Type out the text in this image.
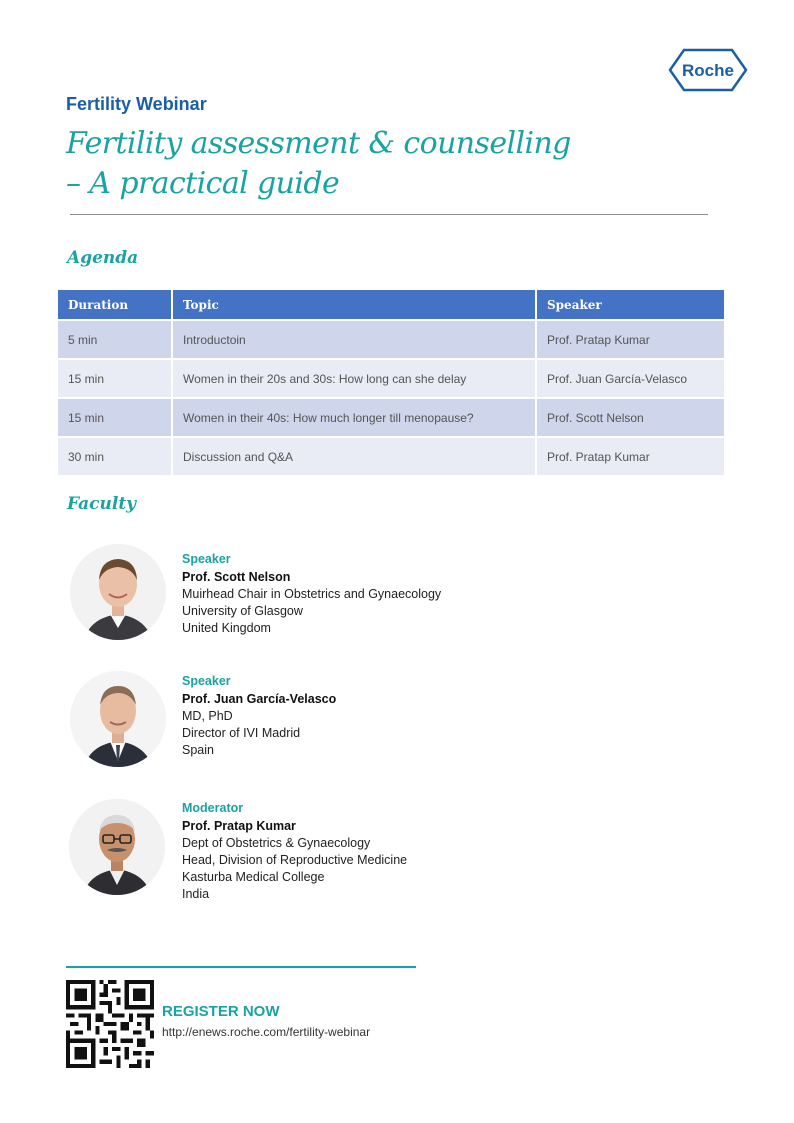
Roche
Fertility Webinar
Fertility assessment & counselling
– A practical guide
Agenda
Duration	Topic	Speaker
5 min	Introductoin	Prof. Pratap Kumar
15 min	Women in their 20s and 30s: How long can she delay	Prof. Juan García-Velasco
15 min	Women in their 40s: How much longer till menopause?	Prof. Scott Nelson
30 min	Discussion and Q&A	Prof. Pratap Kumar
Faculty
Speaker
Prof. Scott Nelson
Muirhead Chair in Obstetrics and Gynaecology
University of Glasgow
United Kingdom
Speaker
Prof. Juan García-Velasco
MD, PhD
Director of IVI Madrid
Spain
Moderator
Prof. Pratap Kumar
Dept of Obstetrics & Gynaecology
Head, Division of Reproductive Medicine
Kasturba Medical College
India
REGISTER NOW
http://enews.roche.com/fertility-webinar
